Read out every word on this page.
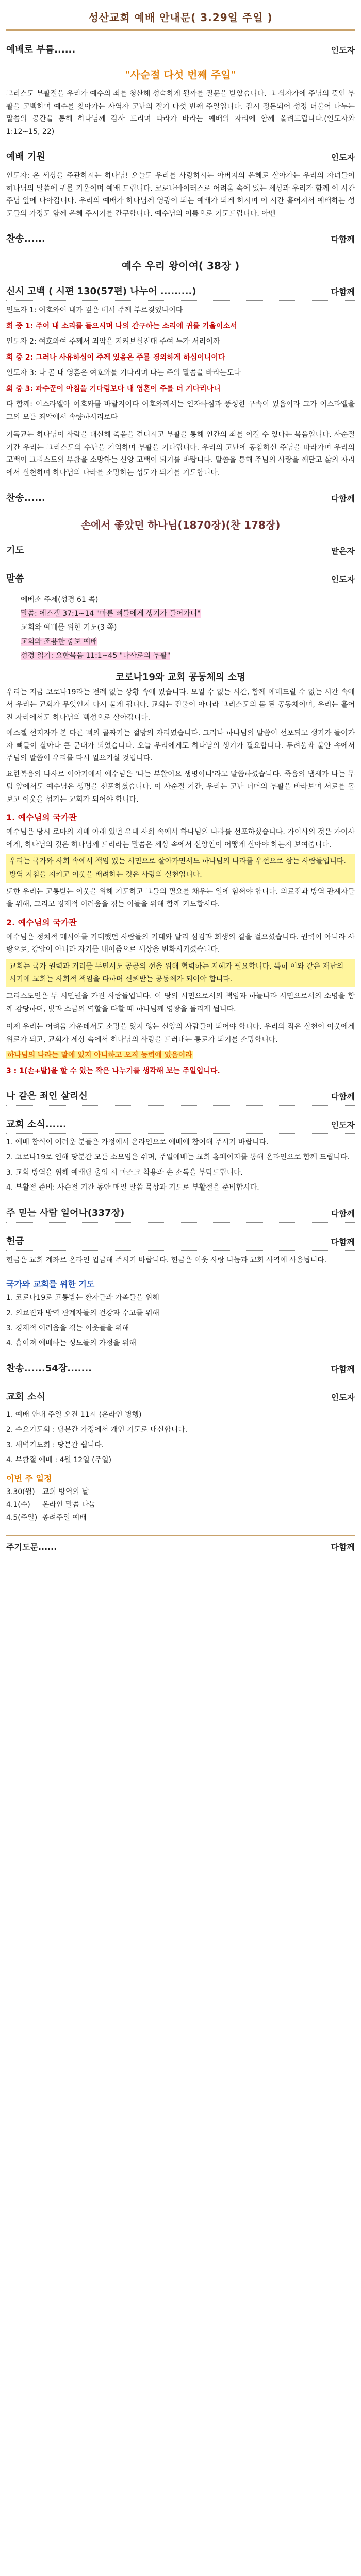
성산교회 예배 안내문( 3.29일 주일 )
예배로 부름......	인도자
"사순절 다섯 번째 주일"
그리스도 부활절을 우리가 예수의 죄를 청산해 성숙하게 될까를 질문을 받았습니다. 그 십자가에 주님의 뜻인 부활을 고백하며 예수를 찾아가는 사역자 고난의 절기 다섯 번째 주일입니다. 잠시 정돈되어 성정 더불어 나누는 말씀의 공간을 통해 하나님께 감사 드리며 따라가 바라는 예배의 자리에 함께 올려드립니다.(인도자와 1:12~15, 22)
예배 기원	인도자
인도자: 온 세상을 주관하시는 하나님! 오늘도 우리를 사랑하시는 아버지의 은혜로 살아가는 우리의 자녀들이 하나님의 말씀에 귀를 기울이며 예배 드립니다. 코로나바이러스로 어려움 속에 있는 세상과 우리가 함께 이 시간 주님 앞에 나아갑니다. 우리의 예배가 하나님께 영광이 되는 예배가 되게 하시며 이 시간 흩어져서 예배하는 성도들의 가정도 함께 은혜 주시기를 간구합니다. 예수님의 이름으로 기도드립니다. 아멘
찬송......	다함께
예수 우리 왕이여( 38장 )
신시 고백 ( 시편 130(57편) 나누어 .........)	다함께
인도자 1: 여호와여 내가 깊은 데서 주께 부르짖었나이다
회 중 1: 주여 내 소리를 들으시며 나의 간구하는 소리에 귀를 기울이소서
인도자 2: 여호와여 주께서 죄악을 지켜보실진대 주여 누가 서리이까
회 중 2: 그러나 사유하심이 주께 있음은 주를 경외하게 하심이니이다
인도자 3: 나 곧 내 영혼은 여호와를 기다리며 나는 주의 말씀을 바라는도다
회 중 3: 파수꾼이 아침을 기다림보다 내 영혼이 주를 더 기다리나니
다 함께: 이스라엘아 여호와를 바랄지어다 여호와께서는 인자하심과 풍성한 구속이 있음이라 그가 이스라엘을 그의 모든 죄악에서 속량하시리로다
기독교는 하나님이 사람을 대신해 죽음을 견디시고 부활을 통해 인간의 죄를 이길 수 있다는 복음입니다. 사순절 기간 우리는 그리스도의 수난을 기억하며 부활을 기다립니다. 우리의 고난에 동참하신 주님을 따라가며 우리의 고백이 그리스도의 부활을 소망하는 신앙 고백이 되기를 바랍니다. 말씀을 통해 주님의 사랑을 깨닫고 삶의 자리에서 실천하며 하나님의 나라를 소망하는 성도가 되기를 기도합니다.
찬송......	다함께
손에서 좋았던 하나님(1870장)(찬 178장)
기도	맡은자
말씀	인도자
에베소 주제(성경 61 쪽)
말씀: 에스겔 37:1~14 "마른 뼈들에게 생기가 들어가니"
교회와 예배를 위한 기도(3 쪽)
교회와 조용한 중보 예배
성경 읽기: 요한복음 11:1~45 "나사로의 부활"
코로나19와 교회 공동체의 소명
우리는 지금 코로나19라는 전례 없는 상황 속에 있습니다. 모일 수 없는 시간, 함께 예배드릴 수 없는 시간 속에서 우리는 교회가 무엇인지 다시 묻게 됩니다. 교회는 건물이 아니라 그리스도의 몸 된 공동체이며, 우리는 흩어진 자리에서도 하나님의 백성으로 살아갑니다.
에스겔 선지자가 본 마른 뼈의 골짜기는 절망의 자리였습니다. 그러나 하나님의 말씀이 선포되고 생기가 들어가자 뼈들이 살아나 큰 군대가 되었습니다. 오늘 우리에게도 하나님의 생기가 필요합니다. 두려움과 불안 속에서 주님의 말씀이 우리를 다시 일으키실 것입니다.
요한복음의 나사로 이야기에서 예수님은 '나는 부활이요 생명이니'라고 말씀하셨습니다. 죽음의 냄새가 나는 무덤 앞에서도 예수님은 생명을 선포하셨습니다. 이 사순절 기간, 우리는 고난 너머의 부활을 바라보며 서로를 돌보고 이웃을 섬기는 교회가 되어야 합니다.
1. 예수님의 국가관
예수님은 당시 로마의 지배 아래 있던 유대 사회 속에서 하나님의 나라를 선포하셨습니다. 가이사의 것은 가이사에게, 하나님의 것은 하나님께 드리라는 말씀은 세상 속에서 신앙인이 어떻게 살아야 하는지 보여줍니다.
우리는 국가와 사회 속에서 책임 있는 시민으로 살아가면서도 하나님의 나라를 우선으로 삼는 사람들입니다. 방역 지침을 지키고 이웃을 배려하는 것은 사랑의 실천입니다.
또한 우리는 고통받는 이웃을 위해 기도하고 그들의 필요를 채우는 일에 힘써야 합니다. 의료진과 방역 관계자들을 위해, 그리고 경제적 어려움을 겪는 이들을 위해 함께 기도합시다.
2. 예수님의 국가관
예수님은 정치적 메시아를 기대했던 사람들의 기대와 달리 섬김과 희생의 길을 걸으셨습니다. 권력이 아니라 사랑으로, 강압이 아니라 자기를 내어줌으로 세상을 변화시키셨습니다.
교회는 국가 권력과 거리를 두면서도 공공의 선을 위해 협력하는 지혜가 필요합니다. 특히 이와 같은 재난의 시기에 교회는 사회적 책임을 다하며 신뢰받는 공동체가 되어야 합니다.
그리스도인은 두 시민권을 가진 사람들입니다. 이 땅의 시민으로서의 책임과 하늘나라 시민으로서의 소명을 함께 감당하며, 빛과 소금의 역할을 다할 때 하나님께 영광을 돌리게 됩니다.
이제 우리는 어려움 가운데서도 소망을 잃지 않는 신앙의 사람들이 되어야 합니다. 우리의 작은 실천이 이웃에게 위로가 되고, 교회가 세상 속에서 하나님의 사랑을 드러내는 통로가 되기를 소망합니다.
하나님의 나라는 말에 있지 아니하고 오직 능력에 있음이라
3 : 1(손+발)을 할 수 있는 작은 나누기를 생각해 보는 주일입니다.
나 같은 죄인 살리신	다함께
교회 소식......	인도자
1. 예배 참석이 어려운 분들은 가정에서 온라인으로 예배에 참여해 주시기 바랍니다.
2. 코로나19로 인해 당분간 모든 소모임은 쉬며, 주일예배는 교회 홈페이지를 통해 온라인으로 함께 드립니다.
3. 교회 방역을 위해 예배당 출입 시 마스크 착용과 손 소독을 부탁드립니다.
4. 부활절 준비: 사순절 기간 동안 매일 말씀 묵상과 기도로 부활절을 준비합시다.
주 믿는 사람 일어나(337장)	다함께
헌금	다함께
헌금은 교회 계좌로 온라인 입금해 주시기 바랍니다. 헌금은 이웃 사랑 나눔과 교회 사역에 사용됩니다.
국가와 교회를 위한 기도
1. 코로나19로 고통받는 환자들과 가족들을 위해
2. 의료진과 방역 관계자들의 건강과 수고를 위해
3. 경제적 어려움을 겪는 이웃들을 위해
4. 흩어져 예배하는 성도들의 가정을 위해
찬송......54장.......	다함께
교회 소식	인도자
1. 예배 안내 주일 오전 11시 (온라인 병행)
2. 수요기도회 : 당분간 가정에서 개인 기도로 대신합니다.
3. 새벽기도회 : 당분간 쉽니다.
4. 부활절 예배 : 4월 12일 (주일)
이번 주 일정
3.30(월)	교회 방역의 날
4.1(수)	온라인 말씀 나눔
4.5(주일) 종려주일 예배
주기도문......	다함께
